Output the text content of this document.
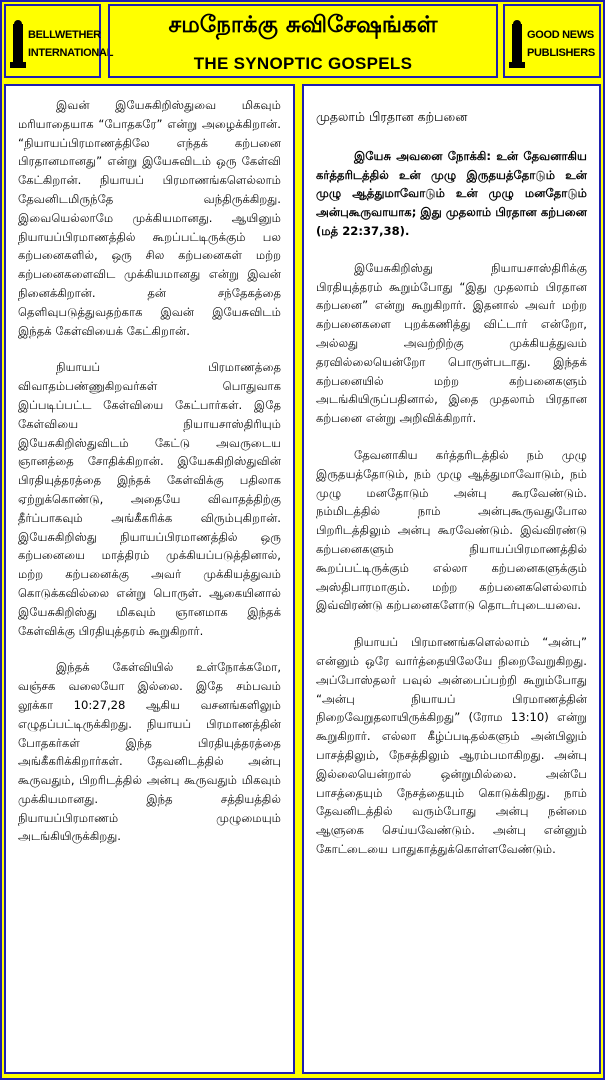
BELLWETHER
INTERNATIONAL
சமநோக்கு சுவிசேஷங்கள்
THE SYNOPTIC GOSPELS
GOOD NEWS
PUBLISHERS

இவன் இயேசுகிறிஸ்துவை மிகவும் மரியாதையாக “போதகரே” என்று அழைக்கிறான். “நியாயப்பிரமாணத்திலே எந்தக் கற்பனை பிரதானமானது” என்று இயேசுவிடம் ஒரு கேள்வி கேட்கிறான். நியாயப் பிரமாணங்களெல்லாம் தேவனிடமிருந்தே வந்திருக்கிறது. இவையெல்லாமே முக்கியமானது. ஆயினும் நியாயப்பிரமாணத்தில் கூறப்பட்டிருக்கும் பல கற்பனைகளில், ஒரு சில கற்பனைகள் மற்ற கற்பனைகளைவிட முக்கியமானது என்று இவன் நினைக்கிறான். தன் சந்தேகத்தை தெளிவுபடுத்துவதற்காக இவன் இயேசுவிடம் இந்தக் கேள்வியைக் கேட்கிறான்.

நியாயப் பிரமாணத்தை விவாதம்பண்ணுகிறவர்கள் பொதுவாக இப்படிப்பட்ட கேள்வியை கேட்பார்கள். இதே கேள்வியை நியாயசாஸ்திரியும் இயேசுகிறிஸ்துவிடம் கேட்டு அவருடைய ஞானத்தை சோதிக்கிறான். இயேசுகிறிஸ்துவின் பிரதியுத்தரத்தை இந்தக் கேள்விக்கு பதிலாக ஏற்றுக்கொண்டு, அதையே விவாதத்திற்கு தீர்ப்பாகவும் அங்கீகரிக்க விரும்புகிறான். இயேசுகிறிஸ்து நியாயப்பிரமாணத்தில் ஒரு கற்பனையை மாத்திரம் முக்கியப்படுத்தினால், மற்ற கற்பனைக்கு அவர் முக்கியத்துவம் கொடுக்கவில்லை என்று பொருள். ஆகையினால் இயேசுகிறிஸ்து மிகவும் ஞானமாக இந்தக் கேள்விக்கு பிரதியுத்தரம் கூறுகிறார்.

இந்தக் கேள்வியில் உள்நோக்கமோ, வஞ்சக வலையோ இல்லை. இதே சம்பவம் லூக்கா 10:27,28 ஆகிய வசனங்களிலும் எழுதப்பட்டிருக்கிறது. நியாயப் பிரமாணத்தின் போதகர்கள் இந்த பிரதியுத்தரத்தை அங்கீகரிக்கிறார்கள். தேவனிடத்தில் அன்பு கூருவதும், பிறரிடத்தில் அன்பு கூருவதும் மிகவும் முக்கியமானது. இந்த சத்தியத்தில் நியாயப்பிரமாணம் முழுமையும் அடங்கியிருக்கிறது.

முதலாம் பிரதான கற்பனை
இயேசு அவனை நோக்கி: உன் தேவனாகிய கர்த்தரிடத்தில் உன் முழு இருதயத்தோடும் உன் முழு ஆத்துமாவோடும் உன் முழு மனதோடும் அன்புகூருவாயாக; இது முதலாம் பிரதான கற்பனை (மத் 22:37,38).

இயேசுகிறிஸ்து நியாயசாஸ்திரிக்கு பிரதியுத்தரம் கூறும்போது “இது முதலாம் பிரதான கற்பனை” என்று கூறுகிறார். இதனால் அவர் மற்ற கற்பனைகளை புறக்கணித்து விட்டார் என்றோ, அல்லது அவற்றிற்கு முக்கியத்துவம் தரவில்லையென்றோ பொருள்படாது. இந்தக் கற்பனையில் மற்ற கற்பனைகளும் அடங்கியிருப்பதினால், இதை முதலாம் பிரதான கற்பனை என்று அறிவிக்கிறார்.

தேவனாகிய கர்த்தரிடத்தில் நம் முழு இருதயத்தோடும், நம் முழு ஆத்துமாவோடும், நம் முழு மனதோடும் அன்பு கூரவேண்டும். நம்மிடத்தில் நாம் அன்புகூருவதுபோல பிறரிடத்திலும் அன்பு கூரவேண்டும். இவ்விரண்டு கற்பனைகளும் நியாயப்பிரமாணத்தில் கூறப்பட்டிருக்கும் எல்லா கற்பனைகளுக்கும் அஸ்திபாரமாகும். மற்ற கற்பனைகளெல்லாம் இவ்விரண்டு கற்பனைகளோடு தொடர்புடையவை.

நியாயப் பிரமாணங்களெல்லாம் “அன்பு” என்னும் ஒரே வார்த்தையிலேயே நிறைவேறுகிறது. அப்போஸ்தலர் பவுல் அன்பைப்பற்றி கூறும்போது “அன்பு நியாயப் பிரமாணத்தின் நிறைவேறுதலாயிருக்கிறது” (ரோம 13:10) என்று கூறுகிறார். எல்லா கீழ்ப்படிதல்களும் அன்பிலும் பாசத்திலும், நேசத்திலும் ஆரம்பமாகிறது. அன்பு இல்லையென்றால் ஒன்றுமில்லை. அன்பே பாசத்தையும் நேசத்தையும் கொடுக்கிறது. நாம் தேவனிடத்தில் வரும்போது அன்பு நன்மை ஆளுகை செய்யவேண்டும். அன்பு என்னும் கோட்டையை பாதுகாத்துக்கொள்ளவேண்டும்.
